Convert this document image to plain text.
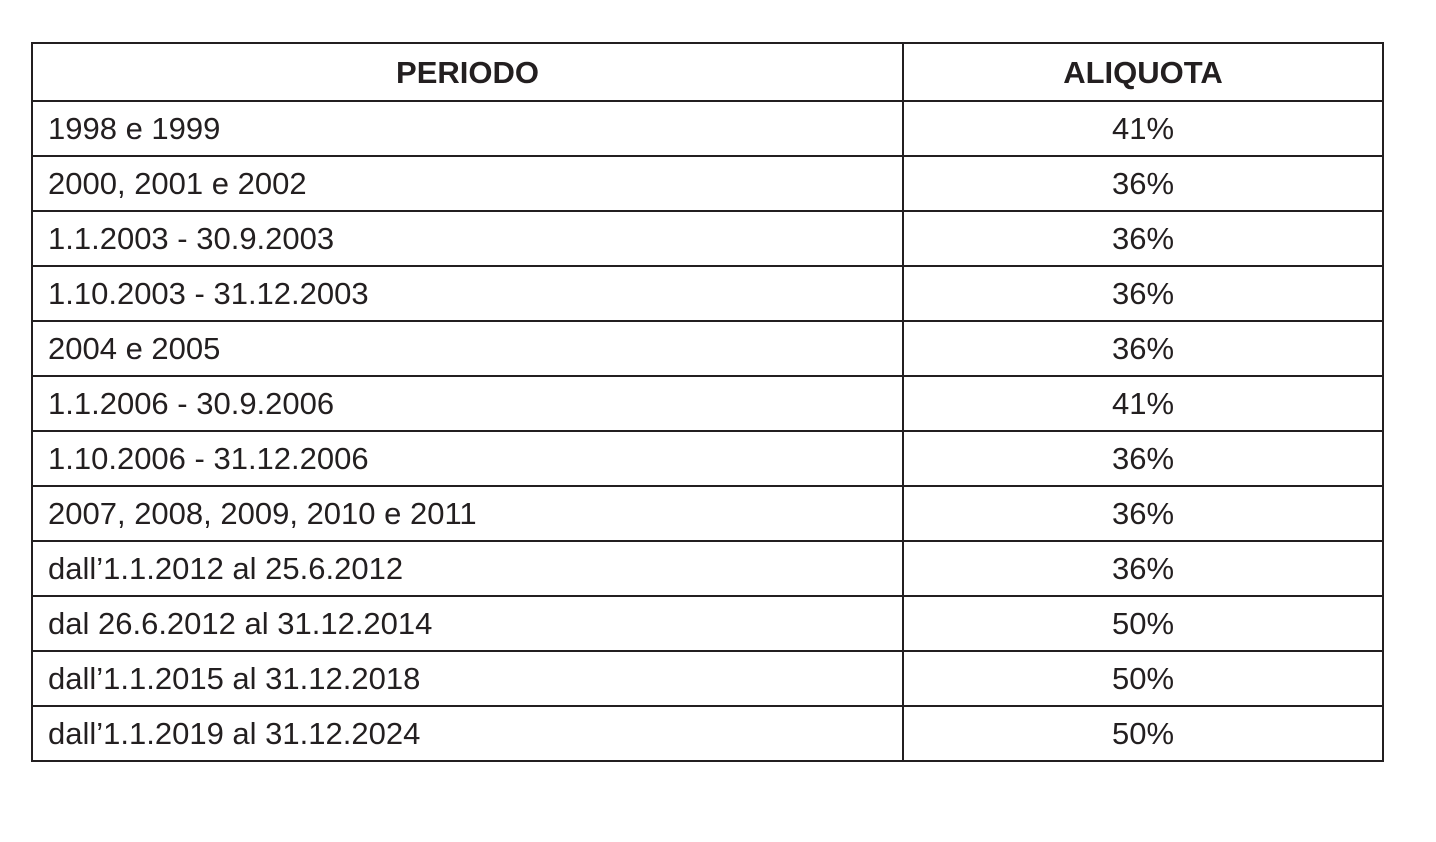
PERIODO	ALIQUOTA
1998 e 1999	41%
2000, 2001 e 2002	36%
1.1.2003 - 30.9.2003	36%
1.10.2003 - 31.12.2003	36%
2004 e 2005	36%
1.1.2006 - 30.9.2006	41%
1.10.2006 - 31.12.2006	36%
2007, 2008, 2009, 2010 e 2011	36%
dall’1.1.2012 al 25.6.2012	36%
dal 26.6.2012 al 31.12.2014	50%
dall’1.1.2015 al 31.12.2018	50%
dall’1.1.2019 al 31.12.2024	50%
